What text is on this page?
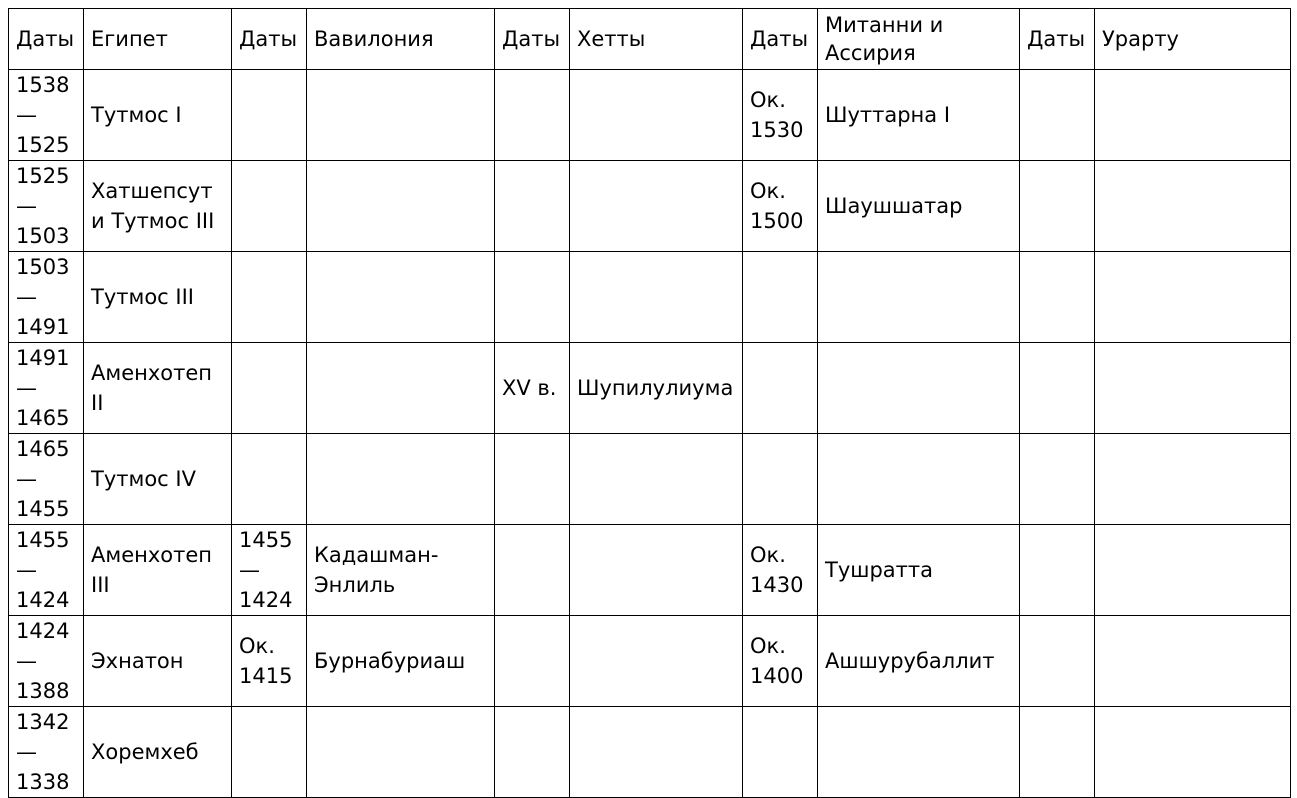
Даты	Египет	Даты	Вавилония	Даты	Хетты	Даты	Митанни и Ассирия	Даты	Урарту
1538 — 1525	Тутмос I					Ок. 1530	Шуттарна I		
1525 — 1503	Хатшепсут и Тутмос III					Ок. 1500	Шаушшатар		
1503 — 1491	Тутмос III								
1491 — 1465	Аменхотеп II			XV в.	Шупилулиума				
1465 — 1455	Тутмос IV								
1455 — 1424	Аменхотеп III	1455 — 1424	Кадашман-Энлиль			Ок. 1430	Тушратта		
1424 — 1388	Эхнатон	Ок. 1415	Бурнабуриаш			Ок. 1400	Ашшурубаллит		
1342 — 1338	Хоремхеб								
